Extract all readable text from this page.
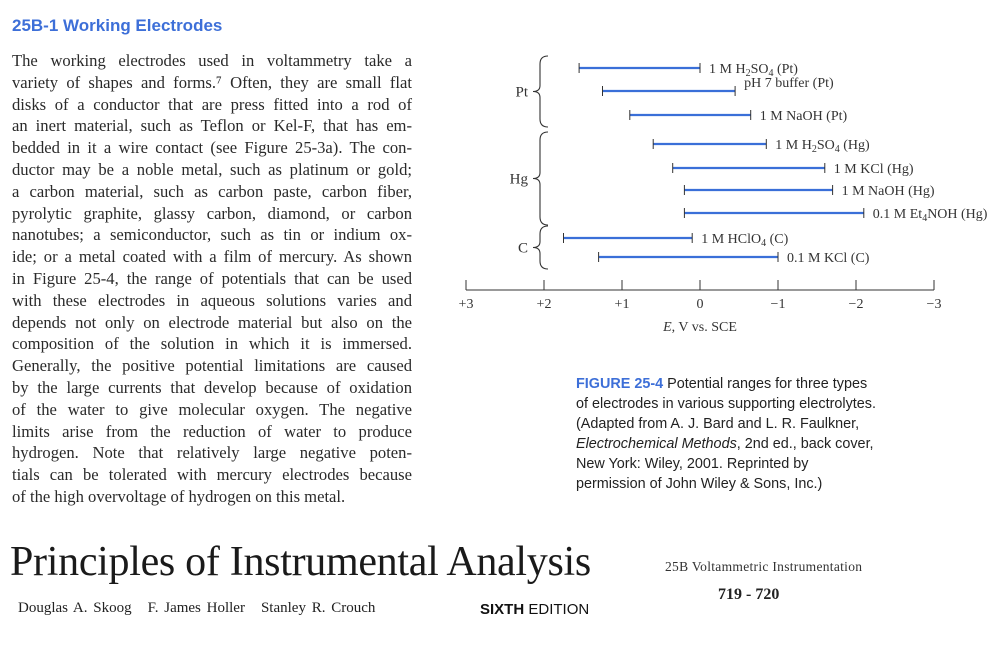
25B-1 Working Electrodes
The working electrodes used in voltammetry take a
variety of shapes and forms.⁷ Often, they are small flat
disks of a conductor that are press fitted into a rod of
an inert material, such as Teflon or Kel-F, that has em-
bedded in it a wire contact (see Figure 25-3a). The con-
ductor may be a noble metal, such as platinum or gold;
a carbon material, such as carbon paste, carbon fiber,
pyrolytic graphite, glassy carbon, diamond, or carbon
nanotubes; a semiconductor, such as tin or indium ox-
ide; or a metal coated with a film of mercury. As shown
in Figure 25-4, the range of potentials that can be used
with these electrodes in aqueous solutions varies and
depends not only on electrode material but also on the
composition of the solution in which it is immersed.
Generally, the positive potential limitations are caused
by the large currents that develop because of oxidation
of the water to give molecular oxygen. The negative
limits arise from the reduction of water to produce
hydrogen. Note that relatively large negative poten-
tials can be tolerated with mercury electrodes because
of the high overvoltage of hydrogen on this metal.
1 M $H_2SO_4$ (Pt)
pH 7 buffer (Pt)
1 M NaOH (Pt)
1 M $H_2SO_4$ (Hg)
1 M KCl (Hg)
1 M NaOH (Hg)
0.1 M $Et_4NOH$ (Hg)
1 M HClO$_4$ (C)
0.1 M KCl (C)
Pt
Hg
C
+3	+2	+1	0	−1	−2	−3
E, V vs. SCE
FIGURE 25-4 Potential ranges for three types of electrodes in various supporting electrolytes. (Adapted from A. J. Bard and L. R. Faulkner, Electrochemical Methods, 2nd ed., back cover, New York: Wiley, 2001. Reprinted by permission of John Wiley & Sons, Inc.)
Principles of Instrumental Analysis
Douglas A. Skoog F. James Holler Stanley R. Crouch	SIXTH EDITION
25B Voltammetric Instrumentation
719 - 720
